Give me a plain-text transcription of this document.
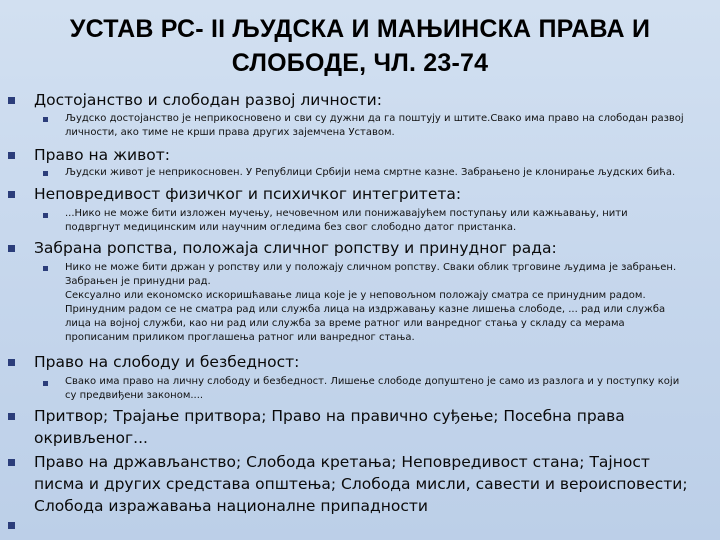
УСТАВ РС- II ЉУДСКА И МАЊИНСКА ПРАВА И
СЛОБОДЕ, ЧЛ. 23-74
Достојанство и слободан развој личности:
Људско достојанство је неприкосновено и сви су дужни да га поштују и штите.Свако има право на слободан развој
личности, ако тиме не крши права других зајемчена Уставом.
Право на живот:
Људски живот је неприкосновен. У Републици Србији нема смртне казне. Забрањено је клонирање људских бића.
Неповредивост физичког и психичког интегритета:
...Нико не може бити изложен мучењу, нечовечном или понижавајућем поступању или кажњавању, нити
подвргнут медицинским или научним огледима без свог слободно датог пристанка.
Забрана ропства, положаја сличног ропству и принудног рада:
Нико не може бити држан у ропству или у положају сличном ропству. Сваки облик трговине људима је забрањен.
Забрањен је принудни рад.
Сексуално или економско искоришћавање лица које је у неповољном положају сматра се принудним радом.
Принудним радом се не сматра рад или служба лица на издржавању казне лишења слободе, ... рад или служба
лица на војној служби, као ни рад или служба за време ратног или ванредног стања у складу са мерама
прописаним приликом проглашења ратног или ванредног стања.
Право на слободу и безбедност:
Свако има право на личну слободу и безбедност. Лишење слободе допуштено је само из разлога и у поступку који
су предвиђени законом....
Притвор; Трајање притвора; Право на правично суђење; Посебна права
окривљеног...
Право на држављанство; Слобода кретања; Неповредивост стана; Тајност
писма и других средстава општења; Слобода мисли, савести и вероисповести;
Слобода изражавања националне припадности
